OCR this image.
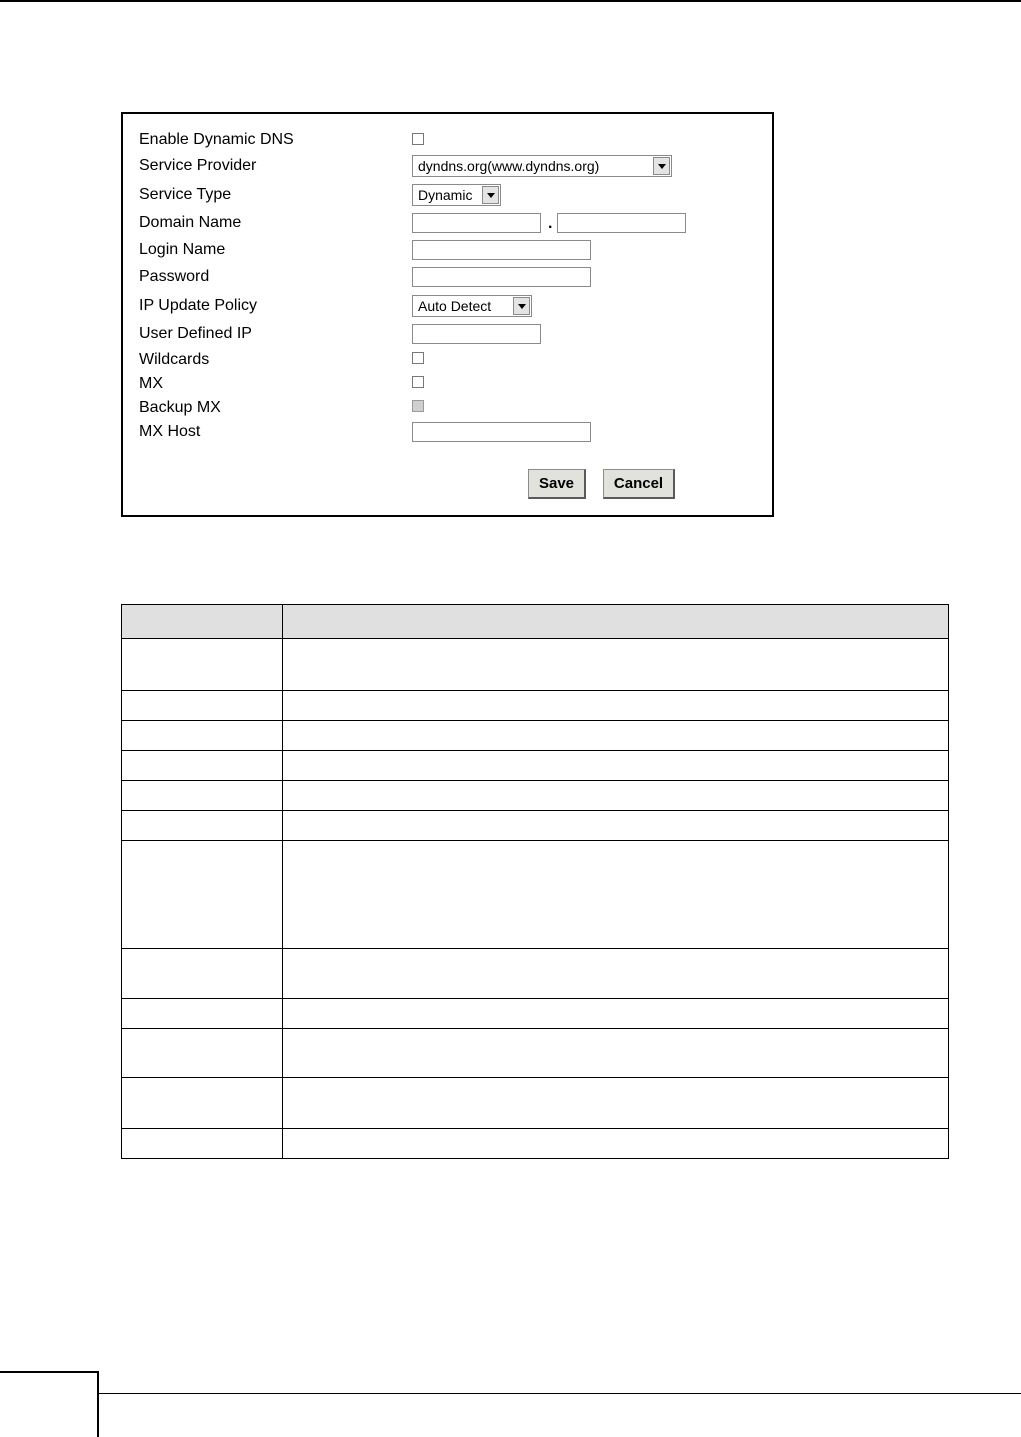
Enable Dynamic DNS
Service Provider	dyndns.org(www.dyndns.org)
Service Type	Dynamic
Domain Name	.
Login Name
Password
IP Update Policy	Auto Detect
User Defined IP
Wildcards
MX
Backup MX
MX Host
Save	Cancel
